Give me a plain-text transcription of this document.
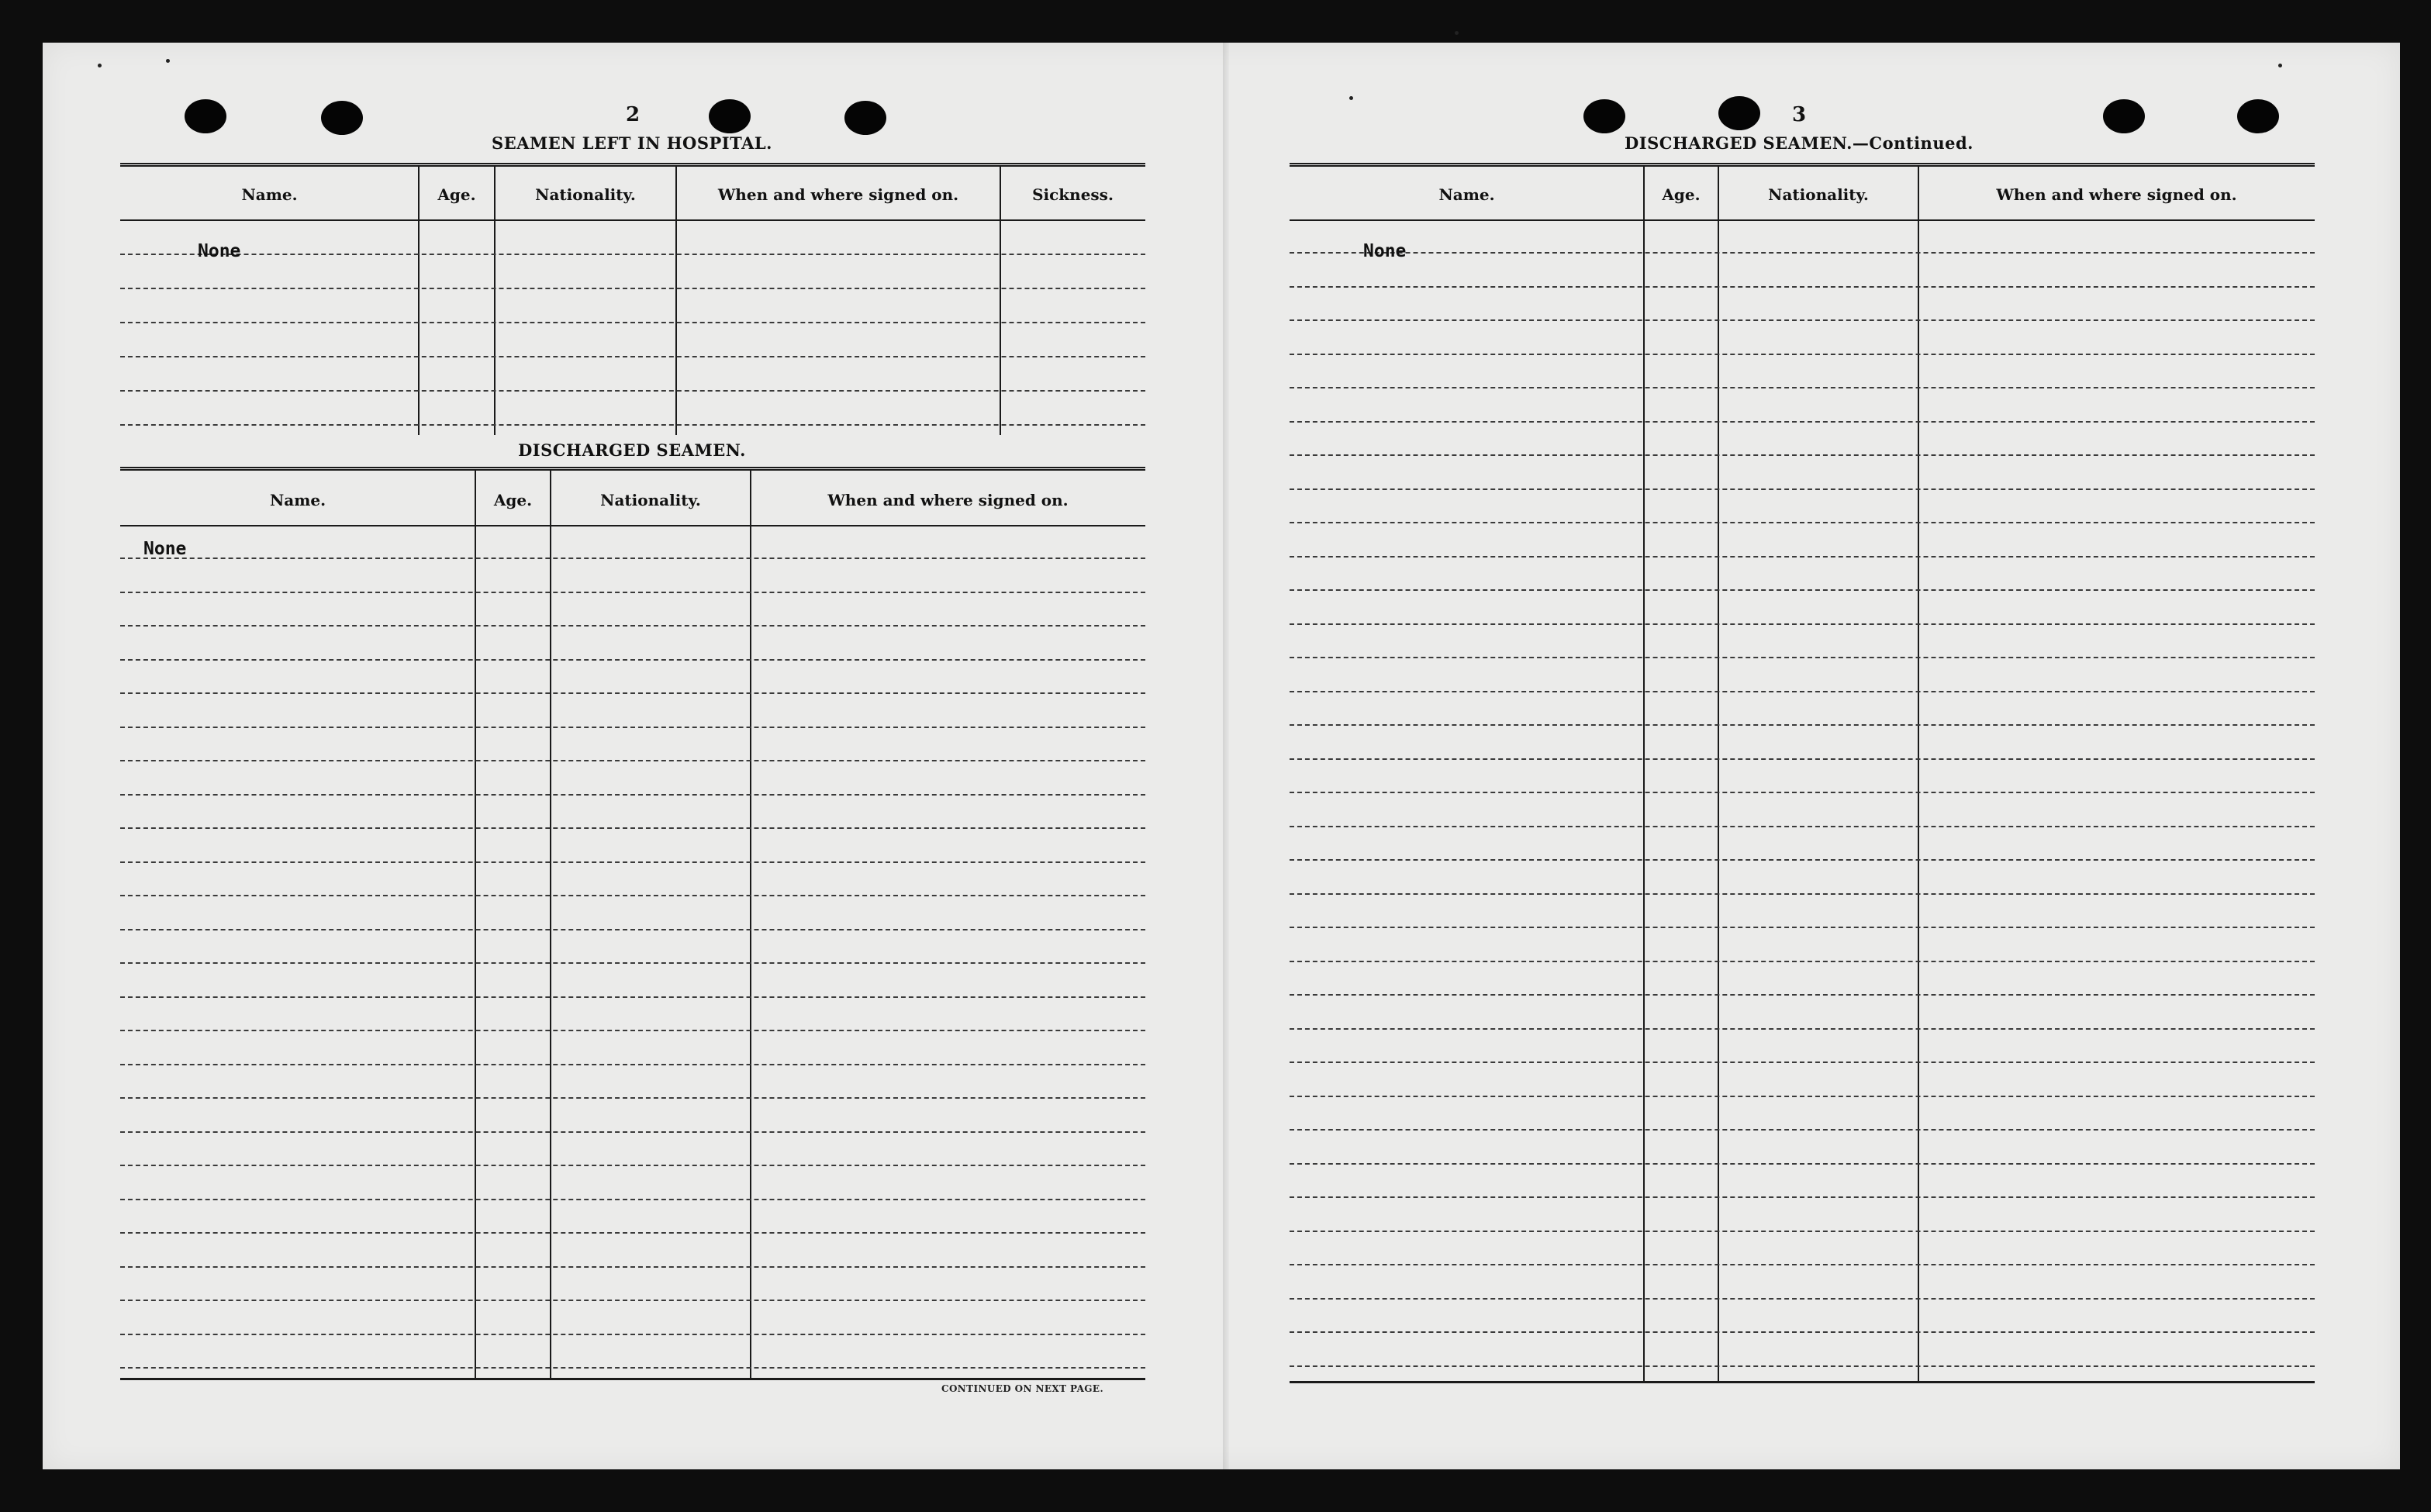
2
SEAMEN LEFT IN HOSPITAL.
Name.	Age.	Nationality.	When and where signed on.	Sickness.
None
DISCHARGED SEAMEN.
Name.	Age.	Nationality.	When and where signed on.
None
CONTINUED ON NEXT PAGE.
3
DISCHARGED SEAMEN.—Continued.
Name.	Age.	Nationality.	When and where signed on.
None
